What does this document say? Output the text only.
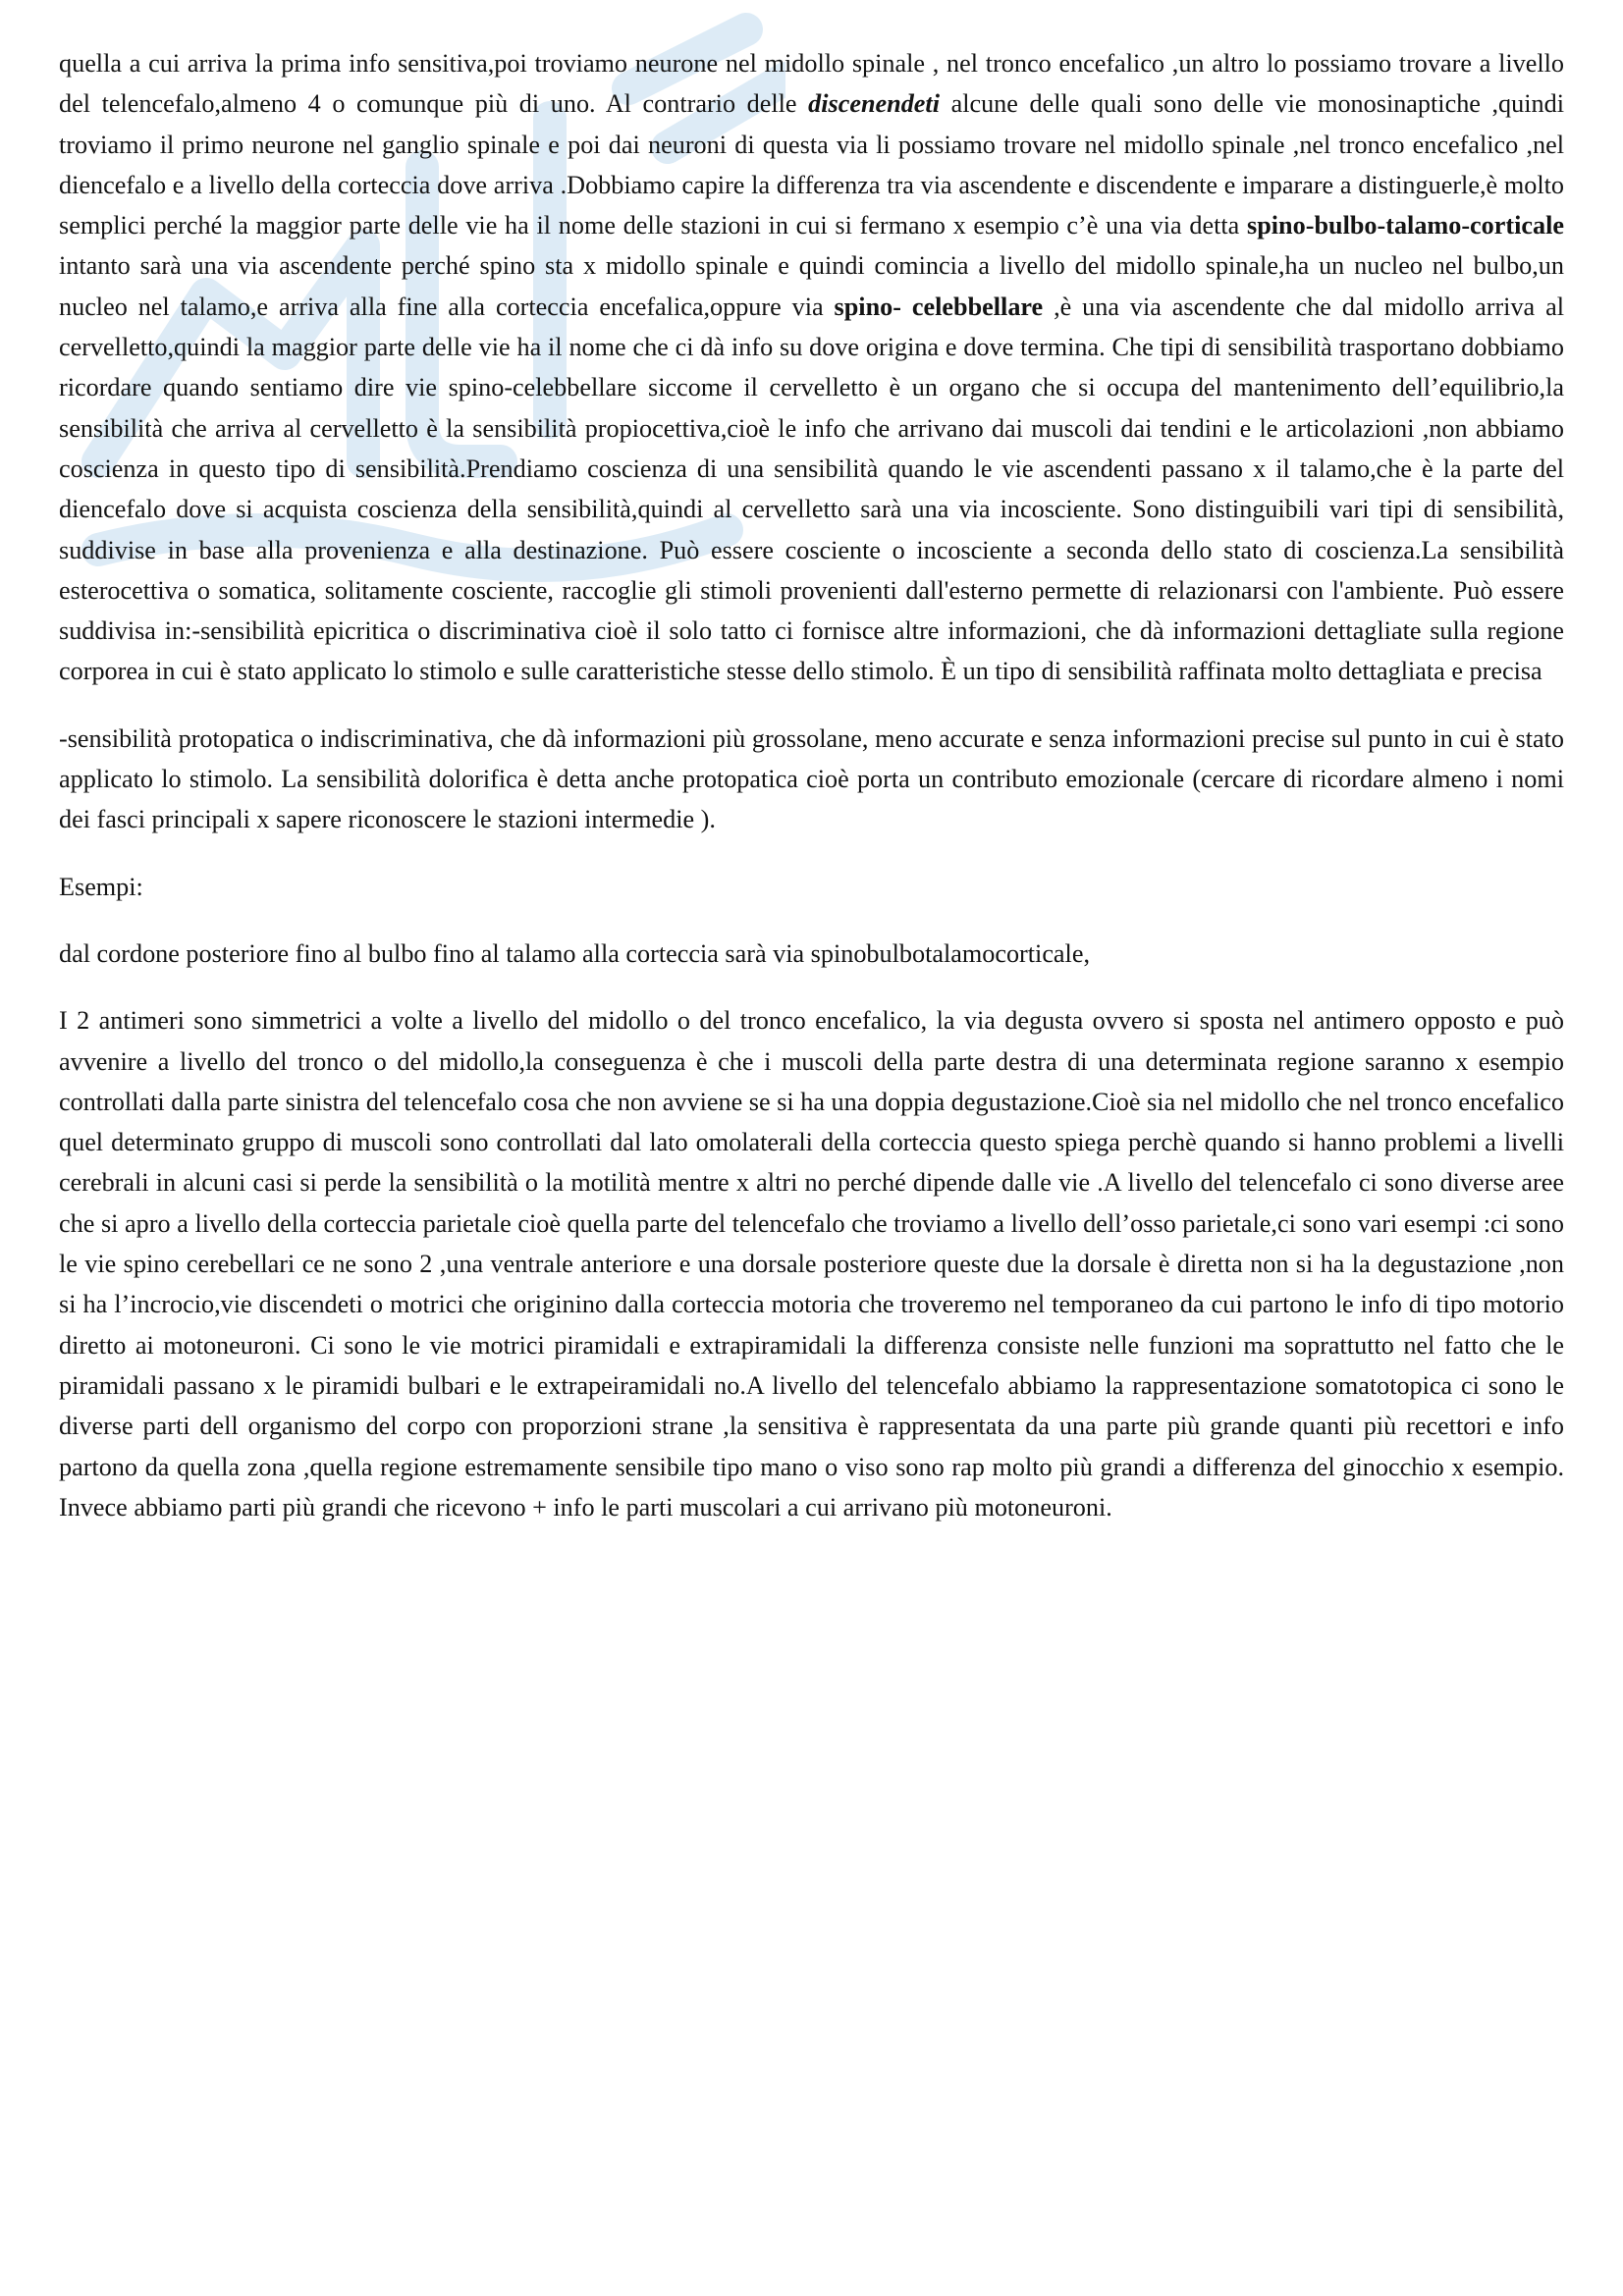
quella a cui arriva la prima info sensitiva,poi troviamo neurone nel midollo spinale , nel tronco encefalico ,un altro lo possiamo trovare a livello del telencefalo,almeno 4 o comunque più di uno. Al contrario delle discenendeti alcune delle quali sono delle vie monosinaptiche ,quindi troviamo il primo neurone nel ganglio spinale e poi dai neuroni di questa via li possiamo trovare nel midollo spinale ,nel tronco encefalico ,nel diencefalo e a livello della corteccia dove arriva .Dobbiamo capire la differenza tra via ascendente e discendente e imparare a distinguerle,è molto semplici perché la maggior parte delle vie ha il nome delle stazioni in cui si fermano x esempio c’è una via detta spino-bulbo-talamo-corticale intanto sarà una via ascendente perché spino sta x midollo spinale e quindi comincia a livello del midollo spinale,ha un nucleo nel bulbo,un nucleo nel talamo,e arriva alla fine alla corteccia encefalica,oppure via spino- celebbellare ,è una via ascendente che dal midollo arriva al cervelletto,quindi la maggior parte delle vie ha il nome che ci dà info su dove origina e dove termina. Che tipi di sensibilità trasportano dobbiamo ricordare quando sentiamo dire vie spino-celebbellare siccome il cervelletto è un organo che si occupa del mantenimento dell’equilibrio,la sensibilità che arriva al cervelletto è la sensibilità propiocettiva,cioè le info che arrivano dai muscoli dai tendini e le articolazioni ,non abbiamo coscienza in questo tipo di sensibilità.Prendiamo coscienza di una sensibilità quando le vie ascendenti passano x il talamo,che è la parte del diencefalo dove si acquista coscienza della sensibilità,quindi al cervelletto sarà una via incosciente. Sono distinguibili vari tipi di sensibilità, suddivise in base alla provenienza e alla destinazione. Può essere cosciente o incosciente a seconda dello stato di coscienza.La sensibilità esterocettiva o somatica, solitamente cosciente, raccoglie gli stimoli provenienti dall'esterno permette di relazionarsi con l'ambiente. Può essere suddivisa in:-sensibilità epicritica o discriminativa cioè il solo tatto ci fornisce altre informazioni, che dà informazioni dettagliate sulla regione corporea in cui è stato applicato lo stimolo e sulle caratteristiche stesse dello stimolo. È un tipo di sensibilità raffinata molto dettagliata e precisa

-sensibilità protopatica o indiscriminativa, che dà informazioni più grossolane, meno accurate e senza informazioni precise sul punto in cui è stato applicato lo stimolo. La sensibilità dolorifica è detta anche protopatica cioè porta un contributo emozionale (cercare di ricordare almeno i nomi dei fasci principali x sapere riconoscere le stazioni intermedie ).

Esempi:

dal cordone posteriore fino al bulbo fino al talamo alla corteccia sarà via spinobulbotalamocorticale,

I 2 antimeri sono simmetrici a volte a livello del midollo o del tronco encefalico, la via degusta ovvero si sposta nel antimero opposto e può avvenire a livello del tronco o del midollo,la conseguenza è che i muscoli della parte destra di una determinata regione saranno x esempio controllati dalla parte sinistra del telencefalo cosa che non avviene se si ha una doppia degustazione.Cioè sia nel midollo che nel tronco encefalico quel determinato gruppo di muscoli sono controllati dal lato omolaterali della corteccia questo spiega perchè quando si hanno problemi a livelli cerebrali in alcuni casi si perde la sensibilità o la motilità mentre x altri no perché dipende dalle vie .A livello del telencefalo ci sono diverse aree che si apro a livello della corteccia parietale cioè quella parte del telencefalo che troviamo a livello dell’osso parietale,ci sono vari esempi :ci sono le vie spino cerebellari ce ne sono 2 ,una ventrale anteriore e una dorsale posteriore queste due la dorsale è diretta non si ha la degustazione ,non si ha l’incrocio,vie discendeti o motrici che originino dalla corteccia motoria che troveremo nel temporaneo da cui partono le info di tipo motorio diretto ai motoneuroni. Ci sono le vie motrici piramidali e extrapiramidali la differenza consiste nelle funzioni ma soprattutto nel fatto che le piramidali passano x le piramidi bulbari e le extrapeiramidali no.A livello del telencefalo abbiamo la rappresentazione somatotopica ci sono le diverse parti dell organismo del corpo con proporzioni strane ,la sensitiva è rappresentata da una parte più grande quanti più recettori e info partono da quella zona ,quella regione estremamente sensibile tipo mano o viso sono rap molto più grandi a differenza del ginocchio x esempio. Invece abbiamo parti più grandi che ricevono + info le parti muscolari a cui arrivano più motoneuroni.
